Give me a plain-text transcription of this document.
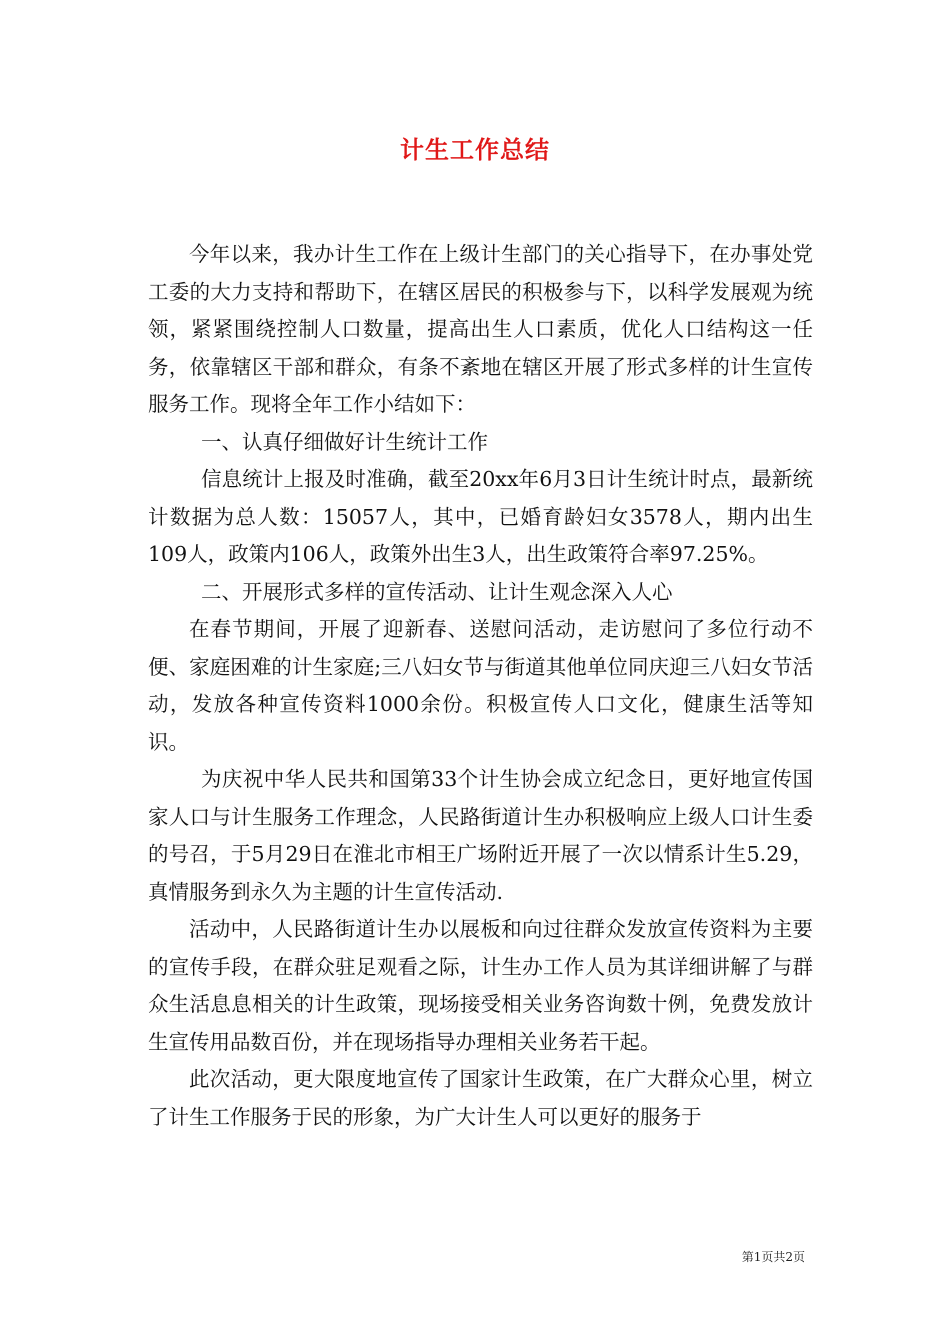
计生工作总结

今年以来，我办计生工作在上级计生部门的关心指导下，在办事处党工委的大力支持和帮助下，在辖区居民的积极参与下，以科学发展观为统领，紧紧围绕控制人口数量，提高出生人口素质，优化人口结构这一任务，依靠辖区干部和群众，有条不紊地在辖区开展了形式多样的计生宣传服务工作。现将全年工作小结如下：

一、认真仔细做好计生统计工作

信息统计上报及时准确，截至20xx年6月3日计生统计时点，最新统计数据为总人数：15057人，其中，已婚育龄妇女3578人，期内出生109人，政策内106人，政策外出生3人，出生政策符合率97.25%。

二、开展形式多样的宣传活动、让计生观念深入人心

在春节期间，开展了迎新春、送慰问活动，走访慰问了多位行动不便、家庭困难的计生家庭;三八妇女节与街道其他单位同庆迎三八妇女节活动，发放各种宣传资料1000余份。积极宣传人口文化，健康生活等知识。

为庆祝中华人民共和国第33个计生协会成立纪念日，更好地宣传国家人口与计生服务工作理念，人民路街道计生办积极响应上级人口计生委的号召，于5月29日在淮北市相王广场附近开展了一次以情系计生5.29，真情服务到永久为主题的计生宣传活动.

活动中，人民路街道计生办以展板和向过往群众发放宣传资料为主要的宣传手段，在群众驻足观看之际，计生办工作人员为其详细讲解了与群众生活息息相关的计生政策，现场接受相关业务咨询数十例，免费发放计生宣传用品数百份，并在现场指导办理相关业务若干起。

此次活动，更大限度地宣传了国家计生政策，在广大群众心里，树立了计生工作服务于民的形象，为广大计生人可以更好的服务于

第1页共2页
